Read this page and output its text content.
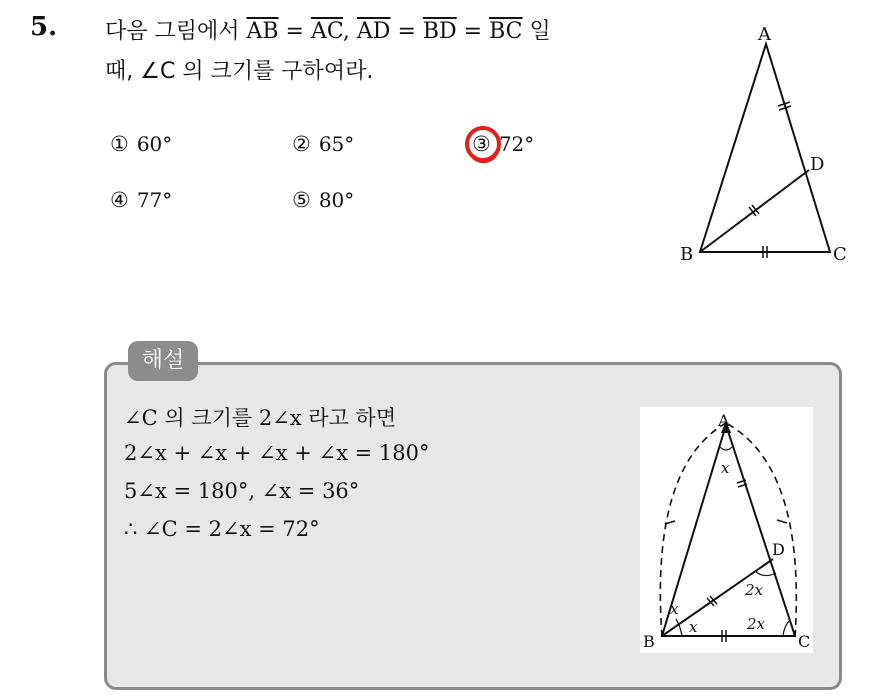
5. 다음 그림에서 $\overline{AB} = \overline{AC}$, $\overline{AD} = \overline{BD} = \overline{BC}$ 일
때, ∠C 의 크기를 구하여라.
① 60°	② 65°	③ 72°
④ 77°	⑤ 80°
A
B	C
D
해설
∠C 의 크기를 2∠x 라고 하면
2∠x + ∠x + ∠x + ∠x = 180°
5∠x = 180°, ∠x = 36°
∴ ∠C = 2∠x = 72°
A
B	C
D
x
x
x
2x
2x
